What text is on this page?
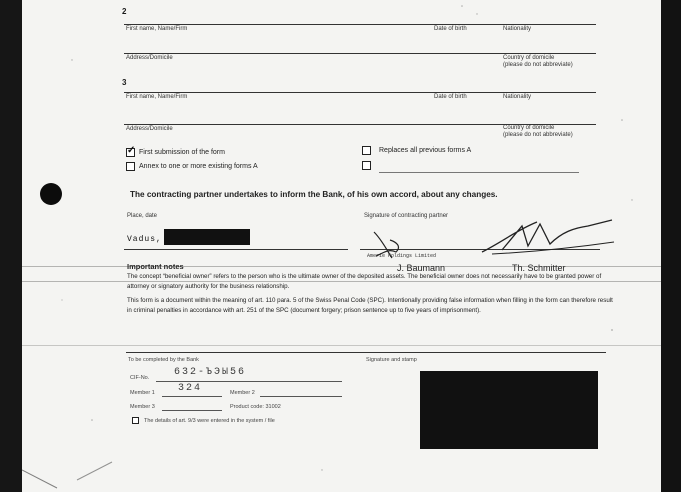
2
First name, Name/Firm	Date of birth	Nationality
Address/Domicile	Country of domicile
(please do not abbreviate)
3
First name, Name/Firm	Date of birth	Nationality
Address/Domicile	Country of domicile
(please do not abbreviate)
✓
First submission of the form	Replaces all previous forms A
Annex to one or more existing forms A
The contracting partner undertakes to inform the Bank, of his own accord, about any changes.
Place, date	Signature of contracting partner
Vadus,
Amerie Holdings Limited
J. Baumann	Th. Schmitter
Important notes
The concept “beneficial owner” refers to the person who is the ultimate owner of the deposited assets. The beneficial owner does not necessarily have to be granted power of attorney or signatory authority for the business relationship.
This form is a document within the meaning of art. 110 para. 5 of the Swiss Penal Code (SPC). Intentionally providing false information when filling in the form can therefore result in criminal penalties in accordance with art. 251 of the SPC (document forgery; prison sentence up to five years of imprisonment).
To be completed by the Bank	Signature and stamp
CIF-No. 632-ЪЭЫ56
Member 1 324	Member 2
Member 3	Product code: 31002
The details of art. 9/3 were entered in the system / file
